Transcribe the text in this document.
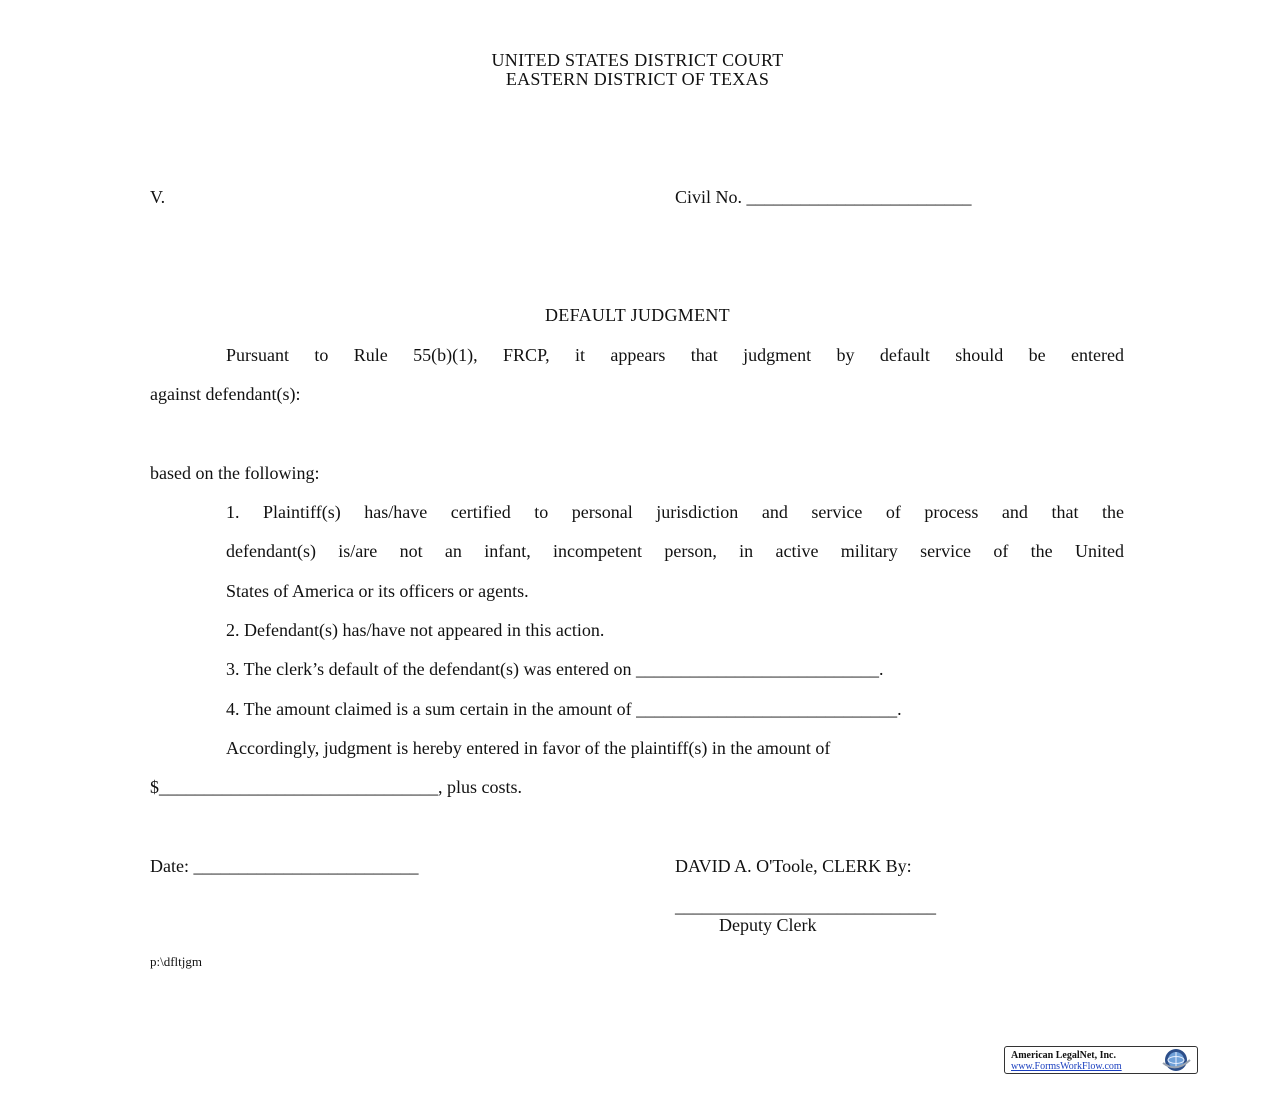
UNITED STATES DISTRICT COURT
EASTERN DISTRICT OF TEXAS
V.	Civil No. _________________________
DEFAULT JUDGMENT
Pursuant to Rule 55(b)(1), FRCP, it appears that judgment by default should be entered
against defendant(s):
based on the following:
1. Plaintiff(s) has/have certified to personal jurisdiction and service of process and that the
defendant(s) is/are not an infant, incompetent person, in active military service of the United
States of America or its officers or agents.
2. Defendant(s) has/have not appeared in this action.
3. The clerk’s default of the defendant(s) was entered on ___________________________.
4. The amount claimed is a sum certain in the amount of _____________________________.
Accordingly, judgment is hereby entered in favor of the plaintiff(s) in the amount of
$_______________________________, plus costs.
Date: _________________________	DAVID A. O'Toole, CLERK By:
_____________________________
Deputy Clerk
p:\dfltjgm
American LegalNet, Inc.
www.FormsWorkFlow.com
